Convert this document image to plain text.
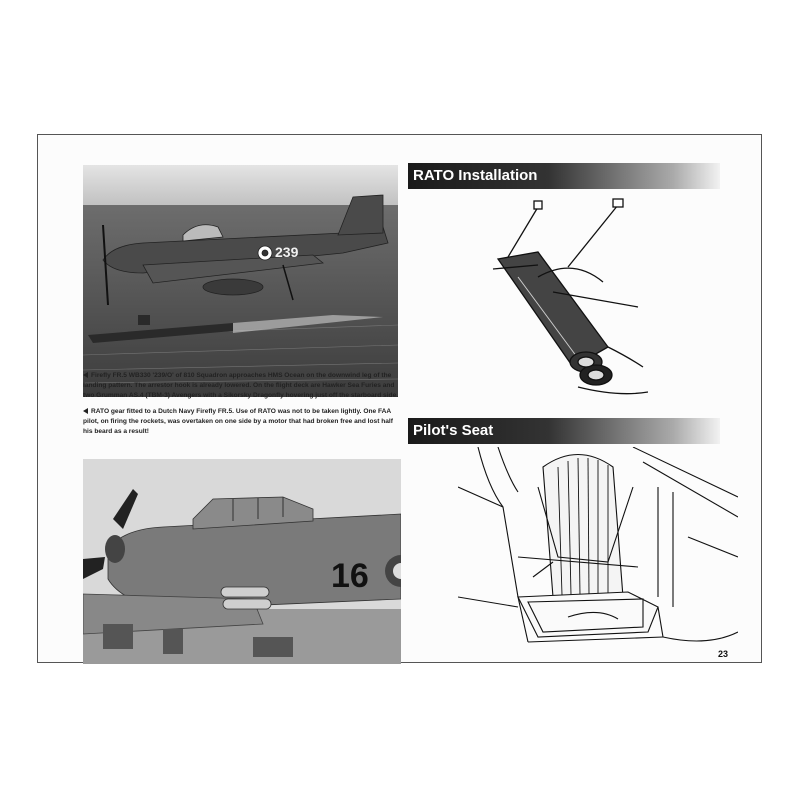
239

Firefly FR.5 WB330 '239/O' of 810 Squadron approaches HMS Ocean on the downwind leg of the landing pattern. The arrestor hook is already lowered. On the flight deck are Hawker Sea Furies and two Grumman AS.4 (TBM-3) Avengers with a Sikorsky Dragonfly hovering just off the starboard side.

RATO gear fitted to a Dutch Navy Firefly FR.5. Use of RATO was not to be taken lightly. One FAA pilot, on firing the rockets, was overtaken on one side by a motor that had broken free and lost half his beard as a result!

16
RATO Installation
Pilot's Seat
23
